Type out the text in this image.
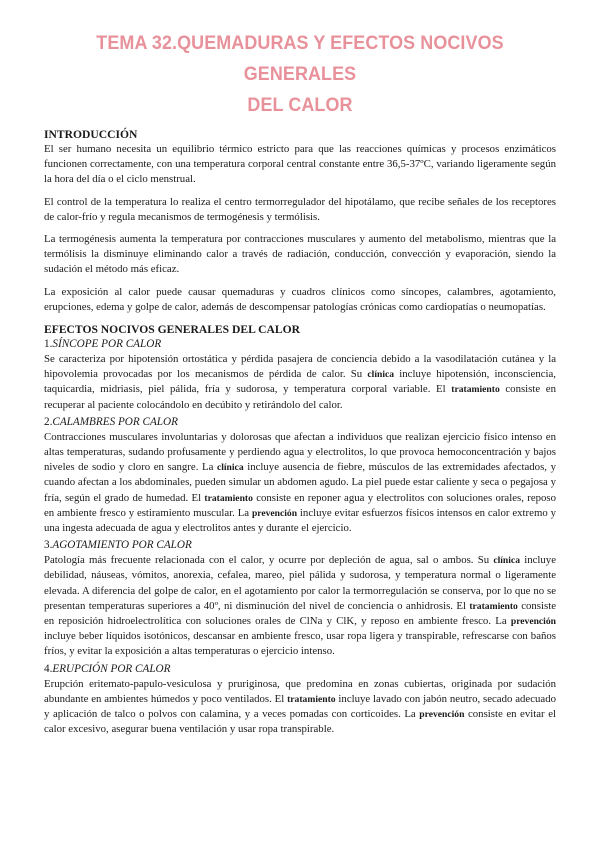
TEMA 32.QUEMADURAS Y EFECTOS NOCIVOS GENERALES
DEL CALOR
INTRODUCCIÓN

El ser humano necesita un equilibrio térmico estricto para que las reacciones químicas y procesos enzimáticos funcionen correctamente, con una temperatura corporal central constante entre 36,5-37ºC, variando ligeramente según la hora del día o el ciclo menstrual.

El control de la temperatura lo realiza el centro termorregulador del hipotálamo, que recibe señales de los receptores de calor-frío y regula mecanismos de termogénesis y termólisis.

La termogénesis aumenta la temperatura por contracciones musculares y aumento del metabolismo, mientras que la termólisis la disminuye eliminando calor a través de radiación, conducción, convección y evaporación, siendo la sudación el método más eficaz.

La exposición al calor puede causar quemaduras y cuadros clínicos como síncopes, calambres, agotamiento, erupciones, edema y golpe de calor, además de descompensar patologías crónicas como cardiopatías o neumopatías.

EFECTOS NOCIVOS GENERALES DEL CALOR
1.SÍNCOPE POR CALOR

Se caracteriza por hipotensión ortostática y pérdida pasajera de conciencia debido a la vasodilatación cutánea y la hipovolemia provocadas por los mecanismos de pérdida de calor. Su clínica incluye hipotensión, inconsciencia, taquicardia, midriasis, piel pálida, fría y sudorosa, y temperatura corporal variable. El tratamiento consiste en recuperar al paciente colocándolo en decúbito y retirándolo del calor.

2.CALAMBRES POR CALOR

Contracciones musculares involuntarias y dolorosas que afectan a individuos que realizan ejercicio físico intenso en altas temperaturas, sudando profusamente y perdiendo agua y electrolitos, lo que provoca hemoconcentración y bajos niveles de sodio y cloro en sangre. La clínica incluye ausencia de fiebre, músculos de las extremidades afectados, y cuando afectan a los abdominales, pueden simular un abdomen agudo. La piel puede estar caliente y seca o pegajosa y fría, según el grado de humedad. El tratamiento consiste en reponer agua y electrolitos con soluciones orales, reposo en ambiente fresco y estiramiento muscular. La prevención incluye evitar esfuerzos físicos intensos en calor extremo y una ingesta adecuada de agua y electrolitos antes y durante el ejercicio.

3.AGOTAMIENTO POR CALOR

Patología más frecuente relacionada con el calor, y ocurre por depleción de agua, sal o ambos. Su clínica incluye debilidad, náuseas, vómitos, anorexia, cefalea, mareo, piel pálida y sudorosa, y temperatura normal o ligeramente elevada. A diferencia del golpe de calor, en el agotamiento por calor la termorregulación se conserva, por lo que no se presentan temperaturas superiores a 40º, ni disminución del nivel de conciencia o anhidrosis. El tratamiento consiste en reposición hidroelectrolítica con soluciones orales de ClNa y ClK, y reposo en ambiente fresco. La prevención incluye beber líquidos isotónicos, descansar en ambiente fresco, usar ropa ligera y transpirable, refrescarse con baños fríos, y evitar la exposición a altas temperaturas o ejercicio intenso.

4.ERUPCIÓN POR CALOR

Erupción eritemato-papulo-vesiculosa y pruriginosa, que predomina en zonas cubiertas, originada por sudación abundante en ambientes húmedos y poco ventilados. El tratamiento incluye lavado con jabón neutro, secado adecuado y aplicación de talco o polvos con calamina, y a veces pomadas con corticoides. La prevención consiste en evitar el calor excesivo, asegurar buena ventilación y usar ropa transpirable.
